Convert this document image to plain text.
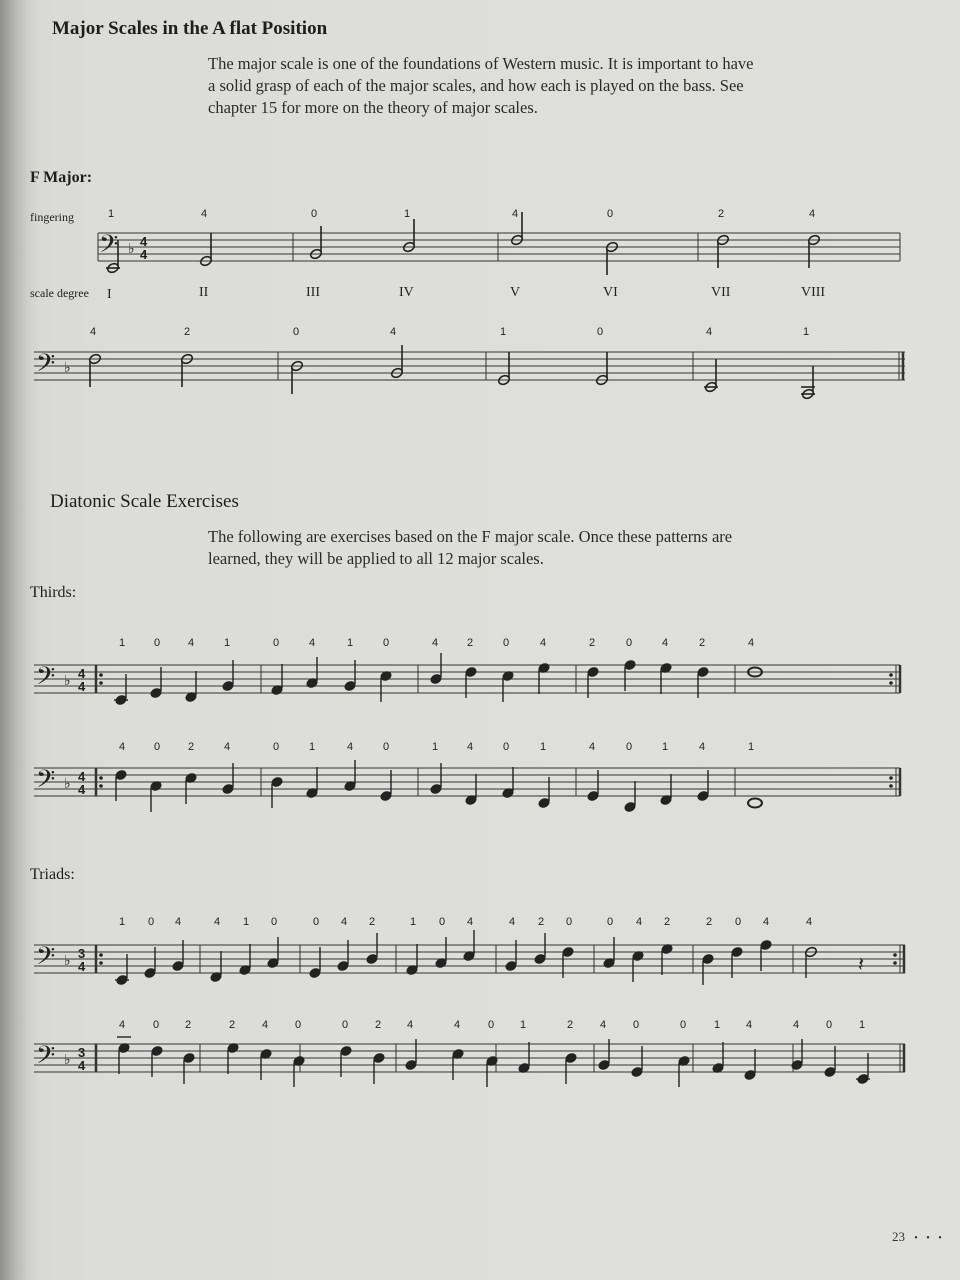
Major Scales in the A flat Position
The major scale is one of the foundations of Western music. It is important to have
a solid grasp of each of the major scales, and how each is played on the bass. See
chapter 15 for more on the theory of major scales.
F Major:
fingering
scale degree
𝄢 ♭ 4
4
1	4	0	1	4	0	2	4
I	II	III	IV	V	VI	VII	VIII
𝄢 ♭
4	2	0	4	1	0	4	1
Diatonic Scale Exercises
The following are exercises based on the F major scale. Once these patterns are
learned, they will be applied to all 12 major scales.
Thirds:
𝄢 ♭ 4
4
1	0	4	1	0	4	1	0	4	2	0	4	2	0	4	2	4
𝄢 ♭ 4
4
4	0	2	4	0	1	4	0	1	4	0	1	4	0	1	4	1
Triads:
𝄢 ♭ 3
4
1 0 4	4 1 0	0 4 2	1 0 4	4 2 0	0 4 2	2 0 4	4
𝄽
𝄢 ♭ 3
4
4	0 2	2 4 0	0 2 4	4	0 1	2 4 0	0	1 4	4 0 1
23 • • •
